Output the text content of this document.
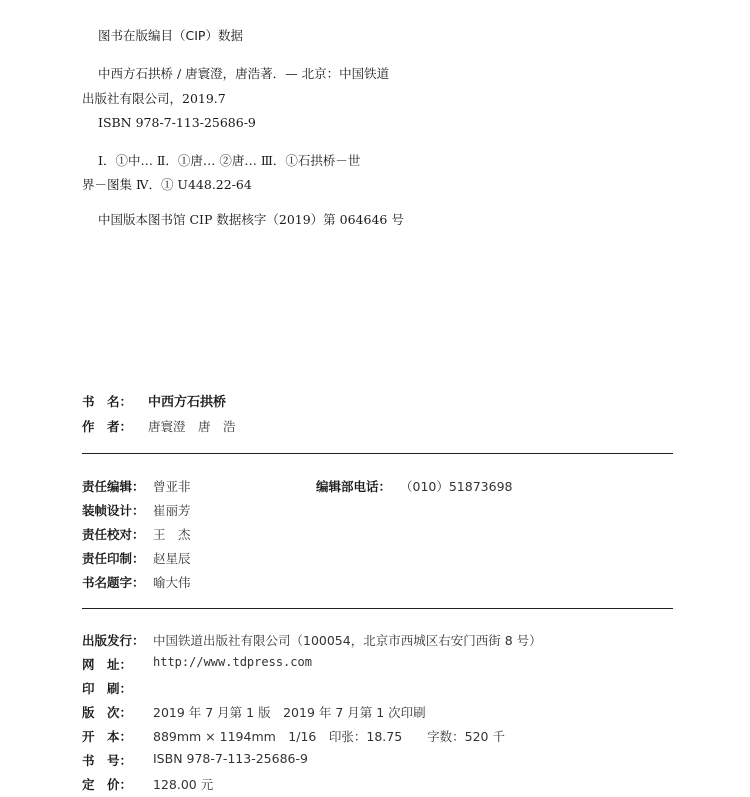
图书在版编目（CIP）数据
中西方石拱桥 / 唐寰澄，唐浩著．— 北京：中国铁道
出版社有限公司，2019.7
ISBN 978-7-113-25686-9
Ⅰ．①中… Ⅱ．①唐… ②唐… Ⅲ．①石拱桥－世
界－图集 Ⅳ．① U448.22-64
中国版本图书馆 CIP 数据核字（2019）第 064646 号
书　名： 中西方石拱桥
作　者： 唐寰澄　唐　浩
责任编辑： 曾亚非	编辑部电话： （010）51873698
装帧设计： 崔丽芳
责任校对： 王　杰
责任印制： 赵星辰
书名题字： 喻大伟
出版发行： 中国铁道出版社有限公司（100054，北京市西城区右安门西街 8 号）
网　址： http://www.tdpress.com
印　刷：
版　次： 2019 年 7 月第 1 版　2019 年 7 月第 1 次印刷
开　本： 889mm × 1194mm　1/16　印张：18.75　　字数：520 千
书　号： ISBN 978-7-113-25686-9
定　价： 128.00 元
